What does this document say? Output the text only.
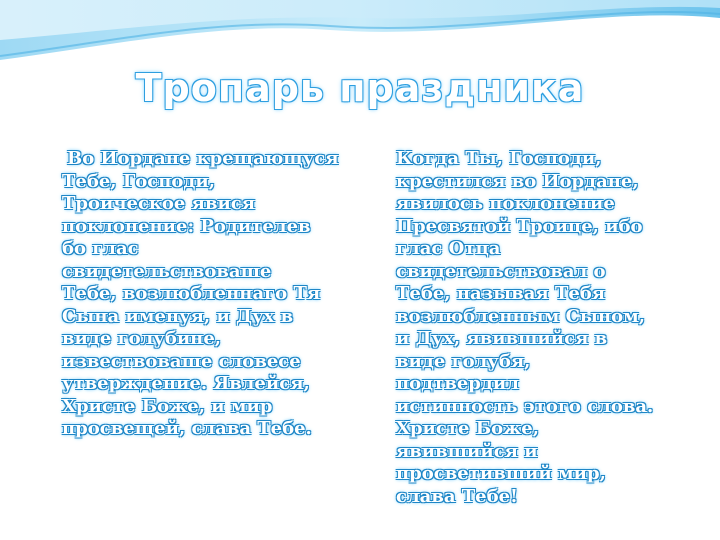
Тропарь праздника

Во Иордане крещающуся

Тебе, Господи,

Троическое явися

поклонение: Родителев

бо глас

свидетельствоваше

Тебе, возлюбленнаго Тя

Сына именуя, и Дух в

виде голубине,

извествоваше словесе

утверждение. Явлейся,

Христе Боже, и мир

просвещей, слава Тебе.

Когда Ты, Господи,

крестился во Иордане,

явилось поклонение

Пресвятой Троице, ибо

глас Отца

свидетельствовал о

Тебе, называя Тебя

возлюбленным Сыном,

и Дух, явившийся в

виде голубя,

подтвердил

истинность этого слова.

Христе Боже,

явившийся и

просветивший мир,

слава Тебе!
